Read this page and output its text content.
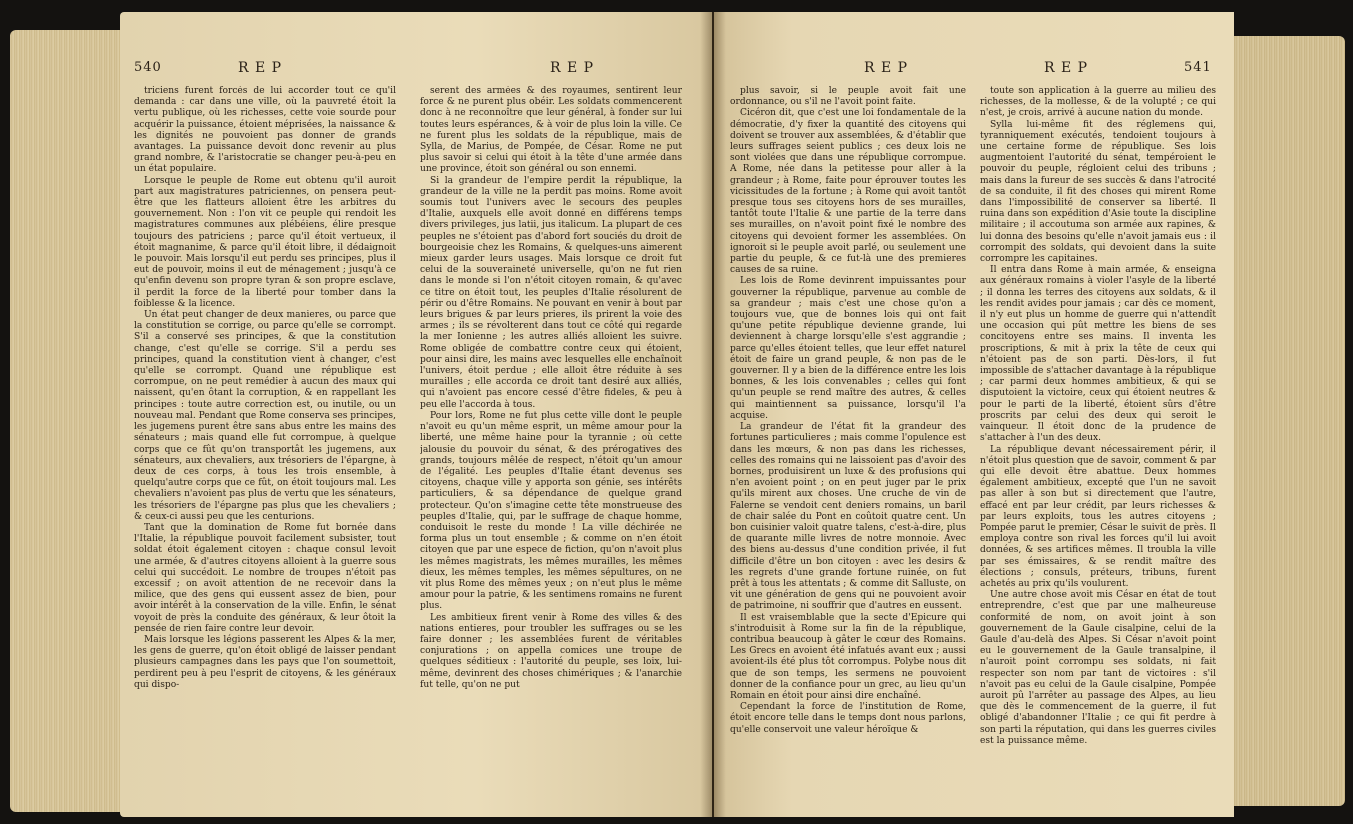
540	R E P	R E P

triciens furent forcés de lui accorder tout ce qu'il demanda : car dans une ville, où la pauvreté étoit la vertu publique, où les richesses, cette voie sourde pour acquérir la puissance, étoient méprisées, la naissance & les dignités ne pouvoient pas donner de grands avantages. La puissance devoit donc revenir au plus grand nombre, & l'aristocratie se changer peu-à-peu en un état populaire.

Lorsque le peuple de Rome eut obtenu qu'il auroit part aux magistratures patriciennes, on pensera peut-être que les flatteurs alloient être les arbitres du gouvernement. Non : l'on vit ce peuple qui rendoit les magistratures communes aux plébéiens, élire presque toujours des patriciens ; parce qu'il étoit vertueux, il étoit magnanime, & parce qu'il étoit libre, il dédaignoit le pouvoir. Mais lorsqu'il eut perdu ses principes, plus il eut de pouvoir, moins il eut de ménagement ; jusqu'à ce qu'enfin devenu son propre tyran & son propre esclave, il perdit la force de la liberté pour tomber dans la foiblesse & la licence.

Un état peut changer de deux manieres, ou parce que la constitution se corrige, ou parce qu'elle se corrompt. S'il a conservé ses principes, & que la constitution change, c'est qu'elle se corrige. S'il a perdu ses principes, quand la constitution vient à changer, c'est qu'elle se corrompt. Quand une république est corrompue, on ne peut remédier à aucun des maux qui naissent, qu'en ôtant la corruption, & en rappellant les principes : toute autre correction est, ou inutile, ou un nouveau mal. Pendant que Rome conserva ses principes, les jugemens purent être sans abus entre les mains des sénateurs ; mais quand elle fut corrompue, à quelque corps que ce fût qu'on transportât les jugemens, aux sénateurs, aux chevaliers, aux trésoriers de l'épargne, à deux de ces corps, à tous les trois ensemble, à quelqu'autre corps que ce fût, on étoit toujours mal. Les chevaliers n'avoient pas plus de vertu que les sénateurs, les trésoriers de l'épargne pas plus que les chevaliers ; & ceux-ci aussi peu que les centurions.

Tant que la domination de Rome fut bornée dans l'Italie, la république pouvoit facilement subsister, tout soldat étoit également citoyen : chaque consul levoit une armée, & d'autres citoyens alloient à la guerre sous celui qui succédoit. Le nombre de troupes n'étoit pas excessif ; on avoit attention de ne recevoir dans la milice, que des gens qui eussent assez de bien, pour avoir intérêt à la conservation de la ville. Enfin, le sénat voyoit de près la conduite des généraux, & leur ôtoit la pensée de rien faire contre leur devoir.

Mais lorsque les légions passerent les Alpes & la mer, les gens de guerre, qu'on étoit obligé de laisser pendant plusieurs campagnes dans les pays que l'on soumettoit, perdirent peu à peu l'esprit de citoyens, & les généraux qui dispo-

serent des armées & des royaumes, sentirent leur force & ne purent plus obéir. Les soldats commencerent donc à ne reconnoître que leur général, à fonder sur lui toutes leurs espérances, & à voir de plus loin la ville. Ce ne furent plus les soldats de la république, mais de Sylla, de Marius, de Pompée, de César. Rome ne put plus savoir si celui qui étoit à la tête d'une armée dans une province, étoit son général ou son ennemi.

Si la grandeur de l'empire perdit la république, la grandeur de la ville ne la perdit pas moins. Rome avoit soumis tout l'univers avec le secours des peuples d'Italie, auxquels elle avoit donné en différens temps divers privileges, jus latii, jus italicum. La plupart de ces peuples ne s'étoient pas d'abord fort souciés du droit de bourgeoisie chez les Romains, & quelques-uns aimerent mieux garder leurs usages. Mais lorsque ce droit fut celui de la souveraineté universelle, qu'on ne fut rien dans le monde si l'on n'étoit citoyen romain, & qu'avec ce titre on étoit tout, les peuples d'Italie résolurent de périr ou d'être Romains. Ne pouvant en venir à bout par leurs brigues & par leurs prieres, ils prirent la voie des armes ; ils se révolterent dans tout ce côté qui regarde la mer Ionienne ; les autres alliés alloient les suivre. Rome obligée de combattre contre ceux qui étoient, pour ainsi dire, les mains avec lesquelles elle enchaînoit l'univers, étoit perdue ; elle alloit être réduite à ses murailles ; elle accorda ce droit tant desiré aux alliés, qui n'avoient pas encore cessé d'être fideles, & peu à peu elle l'accorda à tous.

Pour lors, Rome ne fut plus cette ville dont le peuple n'avoit eu qu'un même esprit, un même amour pour la liberté, une même haine pour la tyrannie ; où cette jalousie du pouvoir du sénat, & des prérogatives des grands, toujours mêlée de respect, n'étoit qu'un amour de l'égalité. Les peuples d'Italie étant devenus ses citoyens, chaque ville y apporta son génie, ses intérêts particuliers, & sa dépendance de quelque grand protecteur. Qu'on s'imagine cette tête monstrueuse des peuples d'Italie, qui, par le suffrage de chaque homme, conduisoit le reste du monde ! La ville déchirée ne forma plus un tout ensemble ; & comme on n'en étoit citoyen que par une espece de fiction, qu'on n'avoit plus les mêmes magistrats, les mêmes murailles, les mêmes dieux, les mêmes temples, les mêmes sépultures, on ne vit plus Rome des mêmes yeux ; on n'eut plus le même amour pour la patrie, & les sentimens romains ne furent plus.

Les ambitieux firent venir à Rome des villes & des nations entieres, pour troubler les suffrages ou se les faire donner ; les assemblées furent de véritables conjurations ; on appella comices une troupe de quelques séditieux : l'autorité du peuple, ses loix, lui-même, devinrent des choses chimériques ; & l'anarchie fut telle, qu'on ne put

R E P	R E P	541

plus savoir, si le peuple avoit fait une ordonnance, ou s'il ne l'avoit point faite.

Cicéron dit, que c'est une loi fondamentale de la démocratie, d'y fixer la quantité des citoyens qui doivent se trouver aux assemblées, & d'établir que leurs suffrages seient publics ; ces deux lois ne sont violées que dans une république corrompue. A Rome, née dans la petitesse pour aller à la grandeur ; à Rome, faite pour éprouver toutes les vicissitudes de la fortune ; à Rome qui avoit tantôt presque tous ses citoyens hors de ses murailles, tantôt toute l'Italie & une partie de la terre dans ses murailles, on n'avoit point fixé le nombre des citoyens qui devoient former les assemblées. On ignoroit si le peuple avoit parlé, ou seulement une partie du peuple, & ce fut-là une des premieres causes de sa ruine.

Les lois de Rome devinrent impuissantes pour gouverner la république, parvenue au comble de sa grandeur ; mais c'est une chose qu'on a toujours vue, que de bonnes lois qui ont fait qu'une petite république devienne grande, lui deviennent à charge lorsqu'elle s'est aggrandie ; parce qu'elles étoient telles, que leur effet naturel étoit de faire un grand peuple, & non pas de le gouverner. Il y a bien de la différence entre les lois bonnes, & les lois convenables ; celles qui font qu'un peuple se rend maître des autres, & celles qui maintiennent sa puissance, lorsqu'il l'a acquise.

La grandeur de l'état fit la grandeur des fortunes particulieres ; mais comme l'opulence est dans les mœurs, & non pas dans les richesses, celles des romains qui ne laissoient pas d'avoir des bornes, produisirent un luxe & des profusions qui n'en avoient point ; on en peut juger par le prix qu'ils mirent aux choses. Une cruche de vin de Falerne se vendoit cent deniers romains, un baril de chair salée du Pont en coûtoit quatre cent. Un bon cuisinier valoit quatre talens, c'est-à-dire, plus de quarante mille livres de notre monnoie. Avec des biens au-dessus d'une condition privée, il fut difficile d'être un bon citoyen : avec les desirs & les regrets d'une grande fortune ruinée, on fut prêt à tous les attentats ; & comme dit Salluste, on vit une génération de gens qui ne pouvoient avoir de patrimoine, ni souffrir que d'autres en eussent.

Il est vraisemblable que la secte d'Epicure qui s'introduisit à Rome sur la fin de la république, contribua beaucoup à gâter le cœur des Romains. Les Grecs en avoient été infatués avant eux ; aussi avoient-ils été plus tôt corrompus. Polybe nous dit que de son temps, les sermens ne pouvoient donner de la confiance pour un grec, au lieu qu'un Romain en étoit pour ainsi dire enchaîné.

Cependant la force de l'institution de Rome, étoit encore telle dans le temps dont nous parlons, qu'elle conservoit une valeur héroïque &

toute son application à la guerre au milieu des richesses, de la mollesse, & de la volupté ; ce qui n'est, je crois, arrivé à aucune nation du monde.

Sylla lui-même fit des réglemens qui, tyranniquement exécutés, tendoient toujours à une certaine forme de république. Ses lois augmentoient l'autorité du sénat, tempéroient le pouvoir du peuple, régloient celui des tribuns ; mais dans la fureur de ses succès & dans l'atrocité de sa conduite, il fit des choses qui mirent Rome dans l'impossibilité de conserver sa liberté. Il ruina dans son expédition d'Asie toute la discipline militaire ; il accoutuma son armée aux rapines, & lui donna des besoins qu'elle n'avoit jamais eus : il corrompit des soldats, qui devoient dans la suite corrompre les capitaines.

Il entra dans Rome à main armée, & enseigna aux généraux romains à violer l'asyle de la liberté ; il donna les terres des citoyens aux soldats, & il les rendit avides pour jamais ; car dès ce moment, il n'y eut plus un homme de guerre qui n'attendît une occasion qui pût mettre les biens de ses concitoyens entre ses mains. Il inventa les proscriptions, & mit à prix la tête de ceux qui n'étoient pas de son parti. Dès-lors, il fut impossible de s'attacher davantage à la république ; car parmi deux hommes ambitieux, & qui se disputoient la victoire, ceux qui étoient neutres & pour le parti de la liberté, étoient sûrs d'être proscrits par celui des deux qui seroit le vainqueur. Il étoit donc de la prudence de s'attacher à l'un des deux.

La république devant nécessairement périr, il n'étoit plus question que de savoir, comment & par qui elle devoit être abattue. Deux hommes également ambitieux, excepté que l'un ne savoit pas aller à son but si directement que l'autre, effacé ent par leur crédit, par leurs richesses & par leurs exploits, tous les autres citoyens ; Pompée parut le premier, César le suivit de près. Il employa contre son rival les forces qu'il lui avoit données, & ses artifices mêmes. Il troubla la ville par ses émissaires, & se rendit maître des élections ; consuls, préteurs, tribuns, furent achetés au prix qu'ils voulurent.

Une autre chose avoit mis César en état de tout entreprendre, c'est que par une malheureuse conformité de nom, on avoit joint à son gouvernement de la Gaule cisalpine, celui de la Gaule d'au-delà des Alpes. Si César n'avoit point eu le gouvernement de la Gaule transalpine, il n'auroit point corrompu ses soldats, ni fait respecter son nom par tant de victoires : s'il n'avoit pas eu celui de la Gaule cisalpine, Pompée auroit pû l'arrêter au passage des Alpes, au lieu que dès le commencement de la guerre, il fut obligé d'abandonner l'Italie ; ce qui fit perdre à son parti la réputation, qui dans les guerres civiles est la puissance même.
